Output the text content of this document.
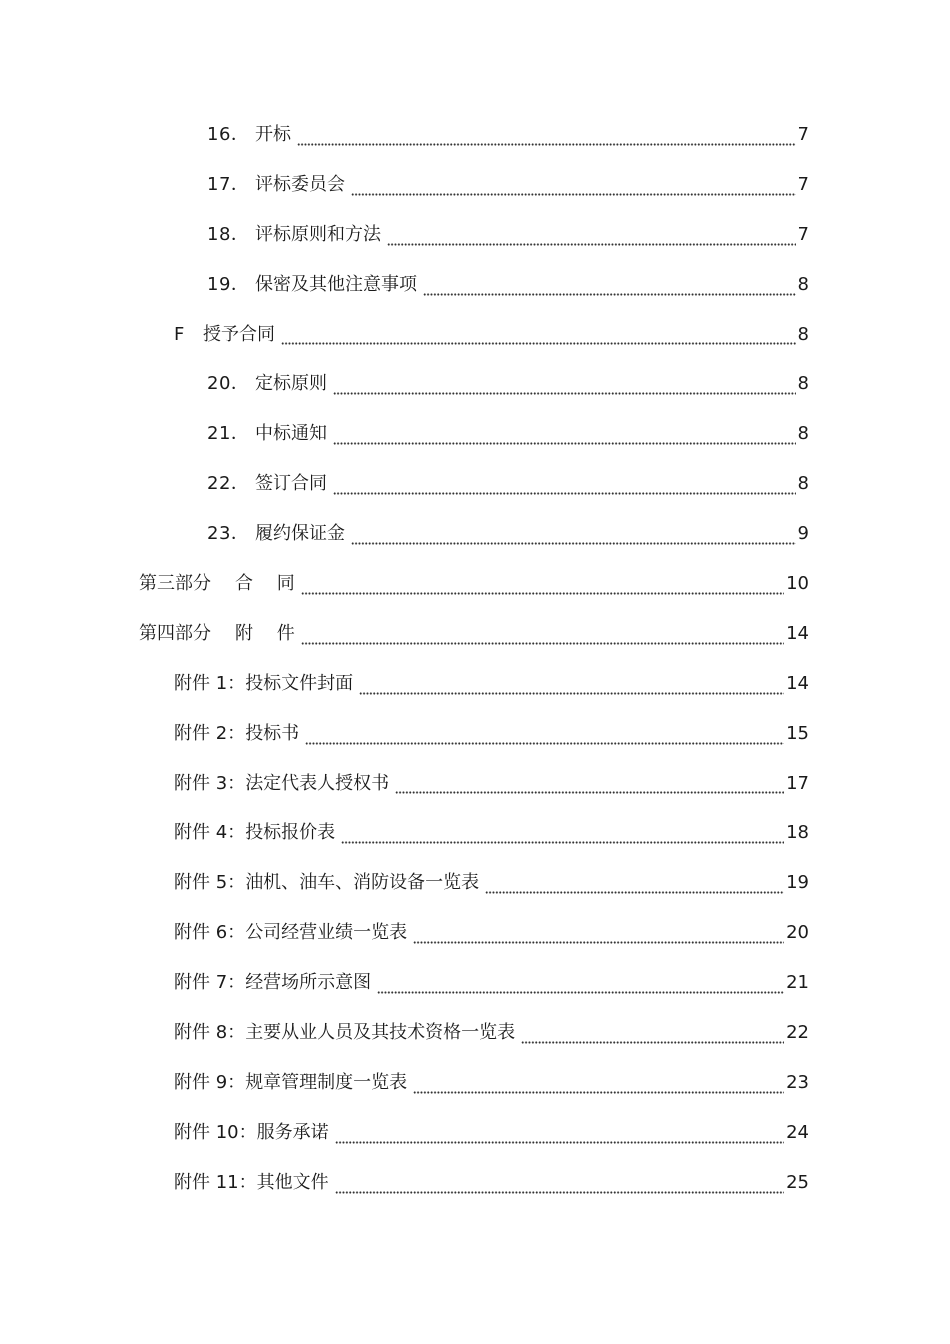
16． 开标	7
17． 评标委员会	7
18． 评标原则和方法	7
19． 保密及其他注意事项	8
F	授予合同	8
20． 定标原则	8
21． 中标通知	8
22． 签订合同	8
23． 履约保证金	9
第三部分 合 同	10
第四部分 附 件	14
附件 1： 投标文件封面	14
附件 2： 投标书	15
附件 3： 法定代表人授权书	17
附件 4： 投标报价表	18
附件 5： 油机、油车、消防设备一览表	19
附件 6： 公司经营业绩一览表	20
附件 7： 经营场所示意图	21
附件 8： 主要从业人员及其技术资格一览表	22
附件 9： 规章管理制度一览表	23
附件 10： 服务承诺	24
附件 11： 其他文件	25
